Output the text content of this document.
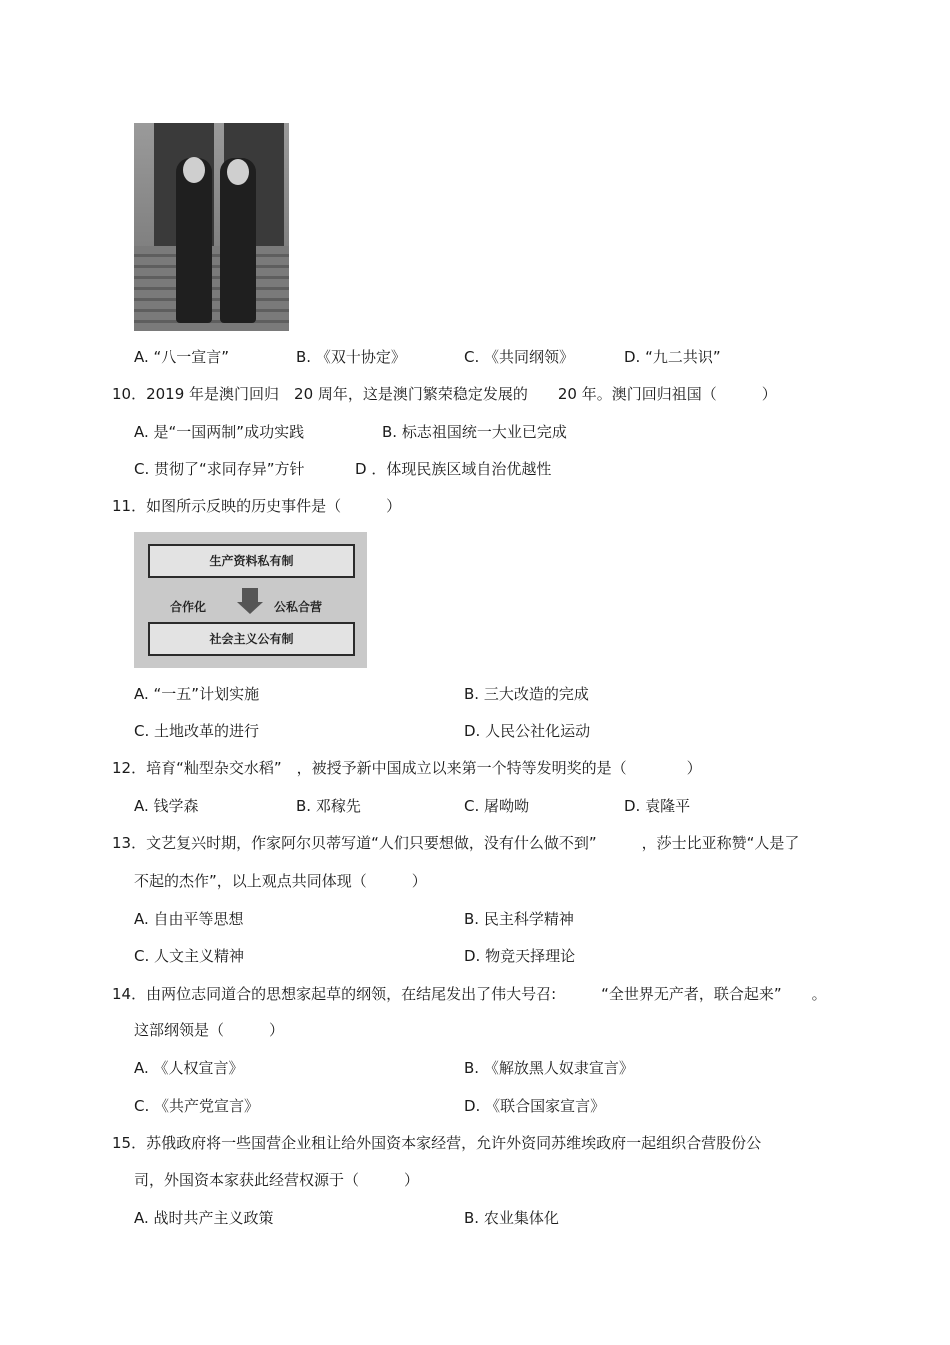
A. “八一宣言”	B. 《双十协定》	C. 《共同纲领》	D. “九二共识”
10．2019 年是澳门回归　20 周年，这是澳门繁荣稳定发展的　　20 年。澳门回归祖国（　　　）
A. 是“一国两制”成功实践	B. 标志祖国统一大业已完成
C. 贯彻了“求同存异”方针	D ．体现民族区域自治优越性
11．如图所示反映的历史事件是（　　　）
生产资料私有制
合作化	公私合营
社会主义公有制
A. “一五”计划实施	B. 三大改造的完成
C. 土地改革的进行	D. 人民公社化运动
12．培育“籼型杂交水稻”　，被授予新中国成立以来第一个特等发明奖的是（　　　　）
A. 钱学森	B. 邓稼先	C. 屠呦呦	D. 袁隆平
13．文艺复兴时期，作家阿尔贝蒂写道“人们只要想做，没有什么做不到”　　　，莎士比亚称赞“人是了
不起的杰作”，以上观点共同体现（　　　）
A. 自由平等思想	B. 民主科学精神
C. 人文主义精神	D. 物竞天择理论
14．由两位志同道合的思想家起草的纲领，在结尾发出了伟大号召:　　　“全世界无产者，联合起来”　　。
这部纲领是（　　　）
A. 《人权宣言》	B. 《解放黑人奴隶宣言》
C. 《共产党宣言》	D. 《联合国家宣言》
15．苏俄政府将一些国营企业租让给外国资本家经营，允许外资同苏维埃政府一起组织合营股份公
司，外国资本家获此经营权源于（　　　）
A. 战时共产主义政策	B. 农业集体化
